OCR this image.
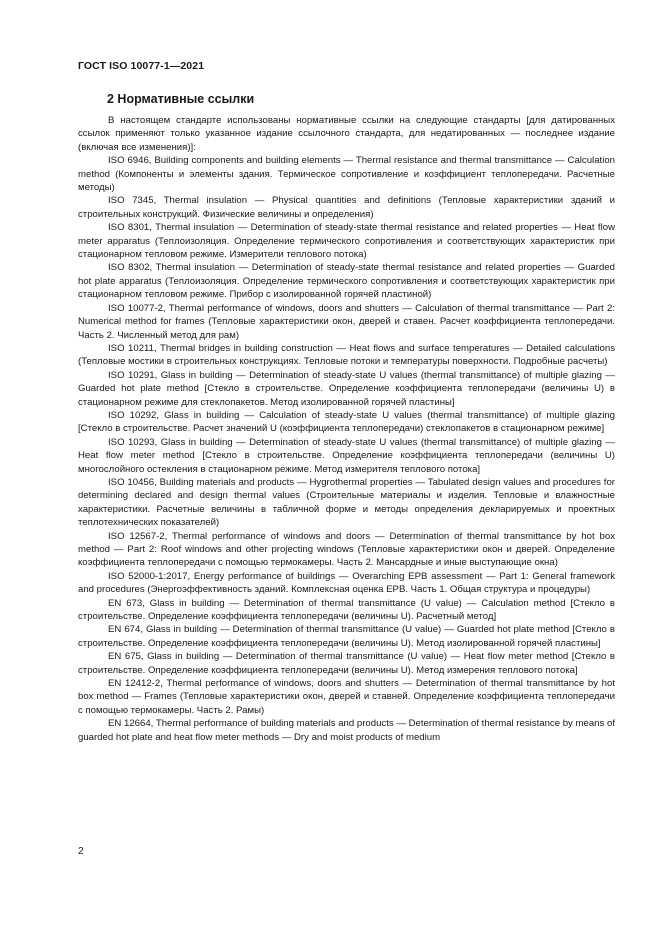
ГОСТ ISO 10077-1—2021
2 Нормативные ссылки

В настоящем стандарте использованы нормативные ссылки на следующие стандарты [для датированных ссылок применяют только указанное издание ссылочного стандарта, для недатированных — последнее издание (включая все изменения)]:

ISO 6946, Building components and building elements — Thermal resistance and thermal transmittance — Calculation method (Компоненты и элементы здания. Термическое сопротивление и коэффициент теплопередачи. Расчетные методы)

ISO 7345, Thermal insulation — Physical quantities and definitions (Тепловые характеристики зданий и строительных конструкций. Физические величины и определения)

ISO 8301, Thermal insulation — Determination of steady-state thermal resistance and related properties — Heat flow meter apparatus (Теплоизоляция. Определение термического сопротивления и соответствующих характеристик при стационарном тепловом режиме. Измерители теплового потока)

ISO 8302, Thermal insulation — Determination of steady-state thermal resistance and related properties — Guarded hot plate apparatus (Теплоизоляция. Определение термического сопротивления и соответствующих характеристик при стационарном тепловом режиме. Прибор с изолированной горячей пластиной)

ISO 10077-2, Thermal performance of windows, doors and shutters — Calculation of thermal transmittance — Part 2: Numerical method for frames (Тепловые характеристики окон, дверей и ставен. Расчет коэффициента теплопередачи. Часть 2. Численный метод для рам)

ISO 10211, Thermal bridges in building construction — Heat flows and surface temperatures — Detailed calculations (Тепловые мостики в строительных конструкциях. Тепловые потоки и температуры поверхности. Подробные расчеты)

ISO 10291, Glass in building — Determination of steady-state U values (thermal transmittance) of multiple glazing — Guarded hot plate method [Стекло в строительстве. Определение коэффициента теплопередачи (величины U) в стационарном режиме для стеклопакетов. Метод изолированной горячей пластины]

ISO 10292, Glass in building — Calculation of steady-state U values (thermal transmittance) of multiple glazing [Стекло в строительстве. Расчет значений U (коэффициента теплопередачи) стеклопакетов в стационарном режиме]

ISO 10293, Glass in building — Determination of steady-state U values (thermal transmittance) of multiple glazing — Heat flow meter method [Стекло в строительстве. Определение коэффициента теплопередачи (величины U) многослойного остекления в стационарном режиме. Метод измерителя теплового потока]

ISO 10456, Building materials and products — Hygrothermal properties — Tabulated design values and procedures for determining declared and design thermal values (Строительные материалы и изделия. Тепловые и влажностные характеристики. Расчетные величины в табличной форме и методы определения декларируемых и проектных теплотехнических показателей)

ISO 12567-2, Thermal performance of windows and doors — Determination of thermal transmittance by hot box method — Part 2: Roof windows and other projecting windows (Тепловые характеристики окон и дверей. Определение коэффициента теплопередачи с помощью термокамеры. Часть 2. Мансардные и иные выступающие окна)

ISO 52000-1:2017, Energy performance of buildings — Overarching EPB assessment — Part 1: General framework and procedures (Энергоэффективность зданий. Комплексная оценка EPB. Часть 1. Общая структура и процедуры)

EN 673, Glass in building — Determination of thermal transmittance (U value) — Calculation method [Стекло в строительстве. Определение коэффициента теплопередачи (величины U). Расчетный метод]

EN 674, Glass in building — Determination of thermal transmittance (U value) — Guarded hot plate method [Стекло в строительстве. Определение коэффициента теплопередачи (величины U). Метод изолированной горячей пластины]

EN 675, Glass in building — Determination of thermal transmittance (U value) — Heat flow meter method [Стекло в строительстве. Определение коэффициента теплопередачи (величины U). Метод измерения теплового потока]

EN 12412-2, Thermal performance of windows, doors and shutters — Determination of thermal transmittance by hot box method — Frames (Тепловые характеристики окон, дверей и ставней. Определение коэффициента теплопередачи с помощью термокамеры. Часть 2. Рамы)

EN 12664, Thermal performance of building materials and products — Determination of thermal resistance by means of guarded hot plate and heat flow meter methods — Dry and moist products of medium

2
